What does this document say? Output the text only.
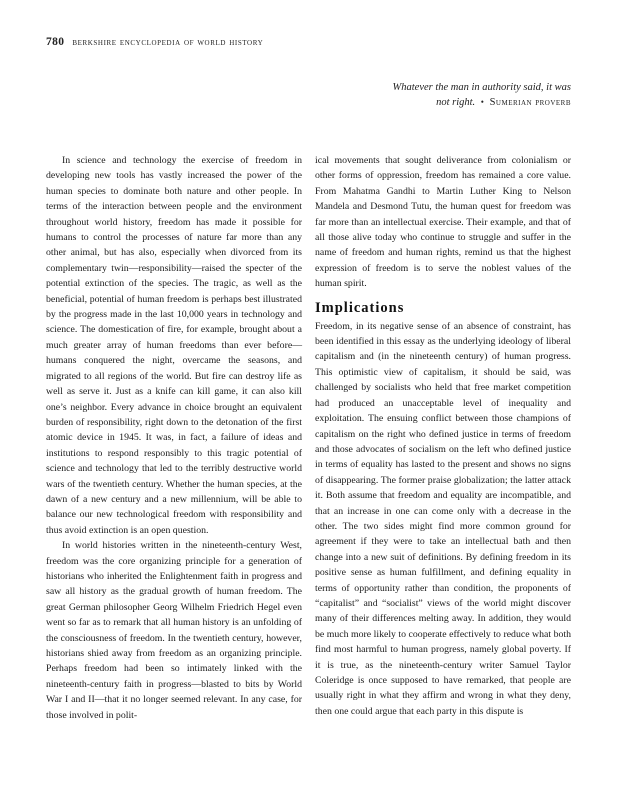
780 berkshire encyclopedia of world history
Whatever the man in authority said, it was
not right. • Sumerian proverb

In science and technology the exercise of freedom in developing new tools has vastly increased the power of the human species to dominate both nature and other people. In terms of the interaction between people and the environment throughout world history, freedom has made it possible for humans to control the processes of nature far more than any other animal, but has also, especially when divorced from its complementary twin—responsibility—raised the specter of the potential extinction of the species. The tragic, as well as the beneficial, potential of human freedom is perhaps best illustrated by the progress made in the last 10,000 years in technology and science. The domestication of fire, for example, brought about a much greater array of human freedoms than ever before—humans conquered the night, overcame the seasons, and migrated to all regions of the world. But fire can destroy life as well as serve it. Just as a knife can kill game, it can also kill one’s neighbor. Every advance in choice brought an equivalent burden of responsibility, right down to the detonation of the first atomic device in 1945. It was, in fact, a failure of ideas and institutions to respond responsibly to this tragic potential of science and technology that led to the terribly destructive world wars of the twentieth century. Whether the human species, at the dawn of a new century and a new millennium, will be able to balance our new technological freedom with responsibility and thus avoid extinction is an open question.

In world histories written in the nineteenth-century West, freedom was the core organizing principle for a generation of historians who inherited the Enlightenment faith in progress and saw all history as the gradual growth of human freedom. The great German philosopher Georg Wilhelm Friedrich Hegel even went so far as to remark that all human history is an unfolding of the consciousness of freedom. In the twentieth century, however, historians shied away from freedom as an organizing principle. Perhaps freedom had been so intimately linked with the nineteenth-century faith in progress—blasted to bits by World War I and II—that it no longer seemed relevant. In any case, for those involved in polit-

ical movements that sought deliverance from colonialism or other forms of oppression, freedom has remained a core value. From Mahatma Gandhi to Martin Luther King to Nelson Mandela and Desmond Tutu, the human quest for freedom was far more than an intellectual exercise. Their example, and that of all those alive today who continue to struggle and suffer in the name of freedom and human rights, remind us that the highest expression of freedom is to serve the noblest values of the human spirit.

Implications

Freedom, in its negative sense of an absence of constraint, has been identified in this essay as the underlying ideology of liberal capitalism and (in the nineteenth century) of human progress. This optimistic view of capitalism, it should be said, was challenged by socialists who held that free market competition had produced an unacceptable level of inequality and exploitation. The ensuing conflict between those champions of capitalism on the right who defined justice in terms of freedom and those advocates of socialism on the left who defined justice in terms of equality has lasted to the present and shows no signs of disappearing. The former praise globalization; the latter attack it. Both assume that freedom and equality are incompatible, and that an increase in one can come only with a decrease in the other. The two sides might find more common ground for agreement if they were to take an intellectual bath and then change into a new suit of definitions. By defining freedom in its positive sense as human fulfillment, and defining equality in terms of opportunity rather than condition, the proponents of “capitalist” and “socialist” views of the world might discover many of their differences melting away. In addition, they would be much more likely to cooperate effectively to reduce what both find most harmful to human progress, namely global poverty. If it is true, as the nineteenth-century writer Samuel Taylor Coleridge is once supposed to have remarked, that people are usually right in what they affirm and wrong in what they deny, then one could argue that each party in this dispute is
